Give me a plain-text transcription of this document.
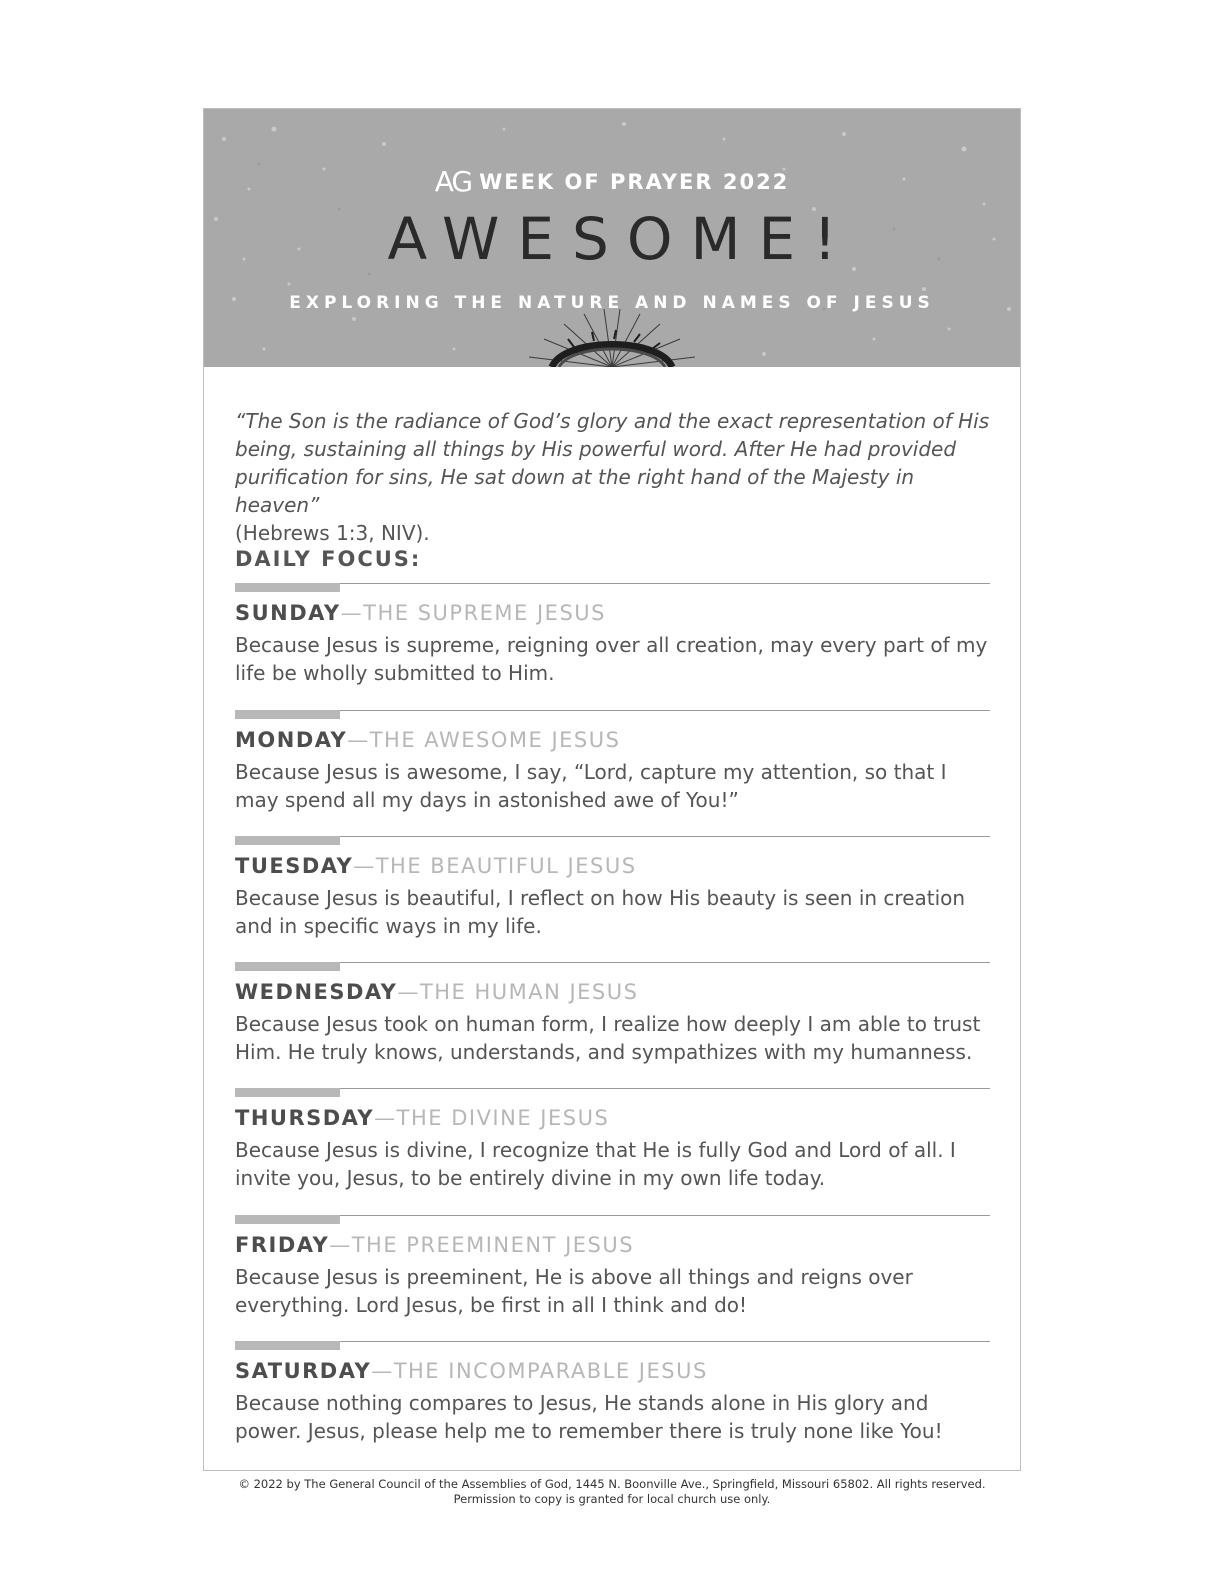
AG WEEK OF PRAYER 2022
AWESOME!
EXPLORING THE NATURE AND NAMES OF JESUS

“The Son is the radiance of God’s glory and the exact representation of His being, sustaining all things by His powerful word. After He had provided purification for sins, He sat down at the right hand of the Majesty in heaven”
(Hebrews 1:3, NIV).

DAILY FOCUS:
SUNDAY—THE SUPREME JESUS
Because Jesus is supreme, reigning over all creation, may every part of my life be wholly submitted to Him.
MONDAY—THE AWESOME JESUS
Because Jesus is awesome, I say, “Lord, capture my attention, so that I may spend all my days in astonished awe of You!”
TUESDAY—THE BEAUTIFUL JESUS
Because Jesus is beautiful, I reflect on how His beauty is seen in creation and in specific ways in my life.
WEDNESDAY—THE HUMAN JESUS
Because Jesus took on human form, I realize how deeply I am able to trust Him. He truly knows, understands, and sympathizes with my humanness.
THURSDAY—THE DIVINE JESUS
Because Jesus is divine, I recognize that He is fully God and Lord of all. I invite you, Jesus, to be entirely divine in my own life today.
FRIDAY—THE PREEMINENT JESUS
Because Jesus is preeminent, He is above all things and reigns over everything. Lord Jesus, be first in all I think and do!
SATURDAY—THE INCOMPARABLE JESUS
Because nothing compares to Jesus, He stands alone in His glory and power. Jesus, please help me to remember there is truly none like You!
© 2022 by The General Council of the Assemblies of God, 1445 N. Boonville Ave., Springfield, Missouri 65802. All rights reserved.
Permission to copy is granted for local church use only.
